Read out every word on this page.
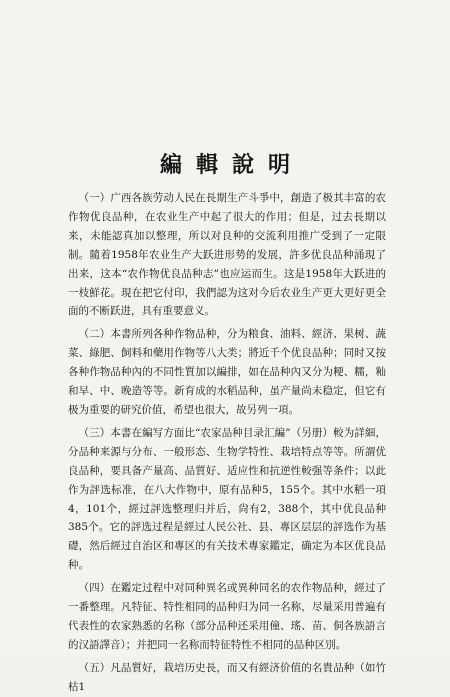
編輯說明

（一）广西各族劳动人民在長期生产斗爭中，創造了极其丰富的农作物优良品种，在农业生产中起了很大的作用；但是，过去長期以来，未能認真加以整理，所以对良种的交流利用推广受到了一定限制。隨着1958年农业生产大跃进形势的发展，許多优良品种涌現了出来，这本“农作物优良品种志”也应运而生。这是1958年大跃进的一枝鮮花。現在把它付印，我們認为这对今后农业生产更大更好更全面的不断跃进，具有重要意义。

（二）本書所列各种作物品种，分为粮食、油料、經济、果树、蔬菜、綠肥、飼料和藥用作物等八大类；將近千个优良品种；同时又按各种作物品种內的不同性質加以編排，如在品种內又分为粳、糯，籼和早、中、晚造等等。新育成的水稻品种，虽产量尚未稳定，但它有极为重要的研究价值，希望也很大，故另列一項。

（三）本書在編写方面比“农家品种目录汇編”（另册）較为詳細，分品种来源与分布、一般形态、生物学特性、栽培特点等等。所謂优良品种，要具备产量高、品質好、适应性和抗逆性較强等条件；以此作为評选标准，在八大作物中，原有品种5，155个。其中水稻一項4，101个，經过評选整理归并后，尙有2，388个，其中优良品种385个。它的評选过程是經过人民公社、县、專区层层的評选作为基礎，然后經过自治区和專区的有关技术專家鑑定，确定为本区优良品种。

（四）在鑑定过程中对同种異名或異种同名的农作物品种，經过了一番整理。凡特征、特性相同的品种归为同一名称，尽量采用普遍有代表性的农家熟悉的名称（部分品种还采用僮、瑤、苗、侗各族語言的汉語譯音）；并把同一名称而特征特性不相同的品种区別。

（五）凡品質好，栽培历史長，而又有經济价值的名貴品种（如竹枯1
